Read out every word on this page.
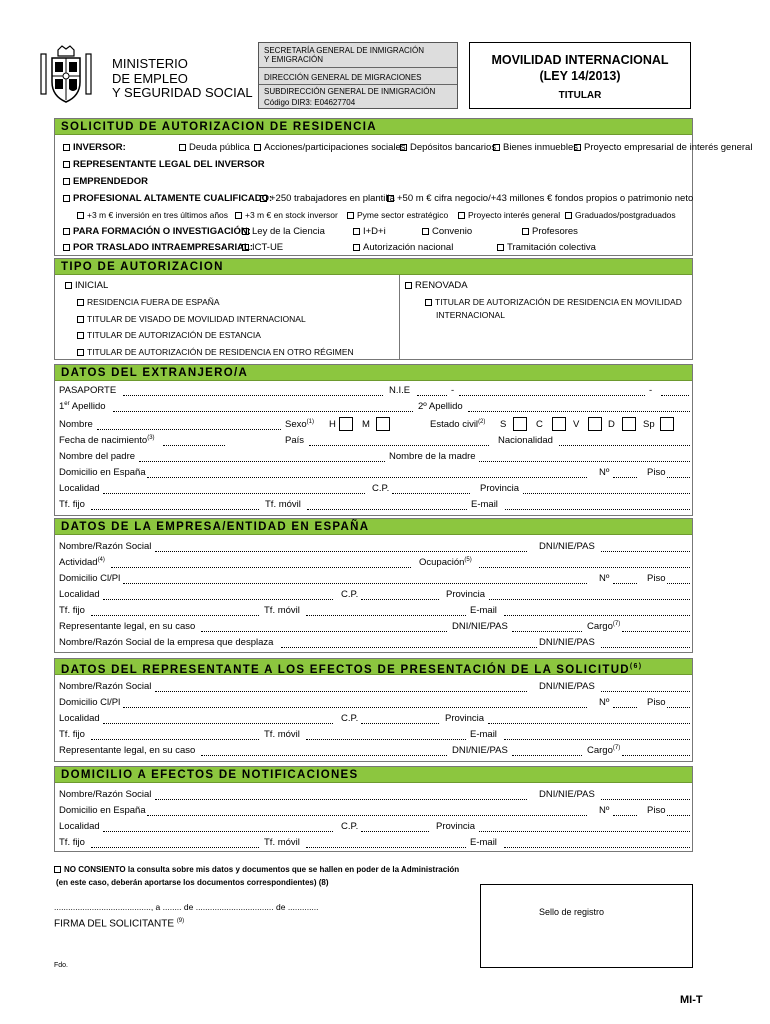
MINISTERIO
DE EMPLEO
Y SEGURIDAD SOCIAL
SECRETARÍA GENERAL DE INMIGRACIÓN
Y EMIGRACIÓN
DIRECCIÓN GENERAL DE MIGRACIONES
SUBDIRECCIÓN GENERAL DE INMIGRACIÓN
Código DIR3: E04627704
MOVILIDAD INTERNACIONAL
(LEY 14/2013)
TITULAR
SOLICITUD DE AUTORIZACION DE RESIDENCIA
INVERSOR:	Deuda pública	Acciones/participaciones sociales Depósitos bancarios Bienes inmuebles Proyecto empresarial de interés general
REPRESENTANTE LEGAL DEL INVERSOR
EMPRENDEDOR
PROFESIONAL ALTAMENTE CUALIFICADO:
+250 trabajadores en plantilla +50 m € cifra negocio/+43 millones € fondos propios o patrimonio neto
+3 m € inversión en tres últimos años	+3 m € en stock inversor	Pyme sector estratégico	Proyecto interés general	Graduados/postgraduados
PARA FORMACIÓN O INVESTIGACIÓN: Ley de la Ciencia	I+D+i	Convenio	Profesores
POR TRASLADO INTRAEMPRESARIAL: ICT-UE	Autorización nacional	Tramitación colectiva
TIPO DE AUTORIZACION
INICIAL	RENOVADA
RESIDENCIA FUERA DE ESPAÑA
TITULAR DE VISADO DE MOVILIDAD INTERNACIONAL
TITULAR DE AUTORIZACIÓN DE ESTANCIA
TITULAR DE AUTORIZACIÓN DE RESIDENCIA EN OTRO RÉGIMEN
TITULAR DE AUTORIZACIÓN DE RESIDENCIA EN MOVILIDAD
INTERNACIONAL
DATOS DEL EXTRANJERO/A
PASAPORTE	N.I.E	-	-
1er Apellido	2º Apellido
Nombre	Sexo$^{(1)}$ H	M	Estado civil$^{(2)}$ S	C	V	D	Sp
Fecha de nacimiento$^{(3)}$	País	Nacionalidad
Nombre del padre	Nombre de la madre
Domicilio en España	Nº	Piso
Localidad	C.P.	Provincia
Tf. fijo	Tf. móvil	E-mail
DATOS DE LA EMPRESA/ENTIDAD EN ESPAÑA
Nombre/Razón Social	DNI/NIE/PAS
Actividad$^{(4)}$	Ocupación$^{(5)}$
Domicilio Cl/Pl	Nº	Piso
Localidad	C.P.	Provincia
Tf. fijo	Tf. móvil	E-mail
Representante legal, en su caso	DNI/NIE/PAS	Cargo$^{(7)}$
Nombre/Razón Social de la empresa que desplaza	DNI/NIE/PAS
DATOS DEL REPRESENTANTE A LOS EFECTOS DE PRESENTACIÓN DE LA SOLICITUD$^{(6)}$
Nombre/Razón Social	DNI/NIE/PAS
Domicilio Cl/Pl	Nº	Piso
Localidad	C.P.	Provincia
Tf. fijo	Tf. móvil	E-mail
Representante legal, en su caso	DNI/NIE/PAS	Cargo$^{(7)}$
DOMICILIO A EFECTOS DE NOTIFICACIONES
Nombre/Razón Social	DNI/NIE/PAS
Domicilio en España	Nº	Piso
Localidad	C.P.	Provincia
Tf. fijo	Tf. móvil	E-mail
NO CONSIENTO la consulta sobre mis datos y documentos que se hallen en poder de la Administración
(en este caso, deberán aportarse los documentos correspondientes) (8)
........................................., a ........ de ................................. de .............
FIRMA DEL SOLICITANTE $^{(9)}$
Fdo.
Sello de registro
MI-T
